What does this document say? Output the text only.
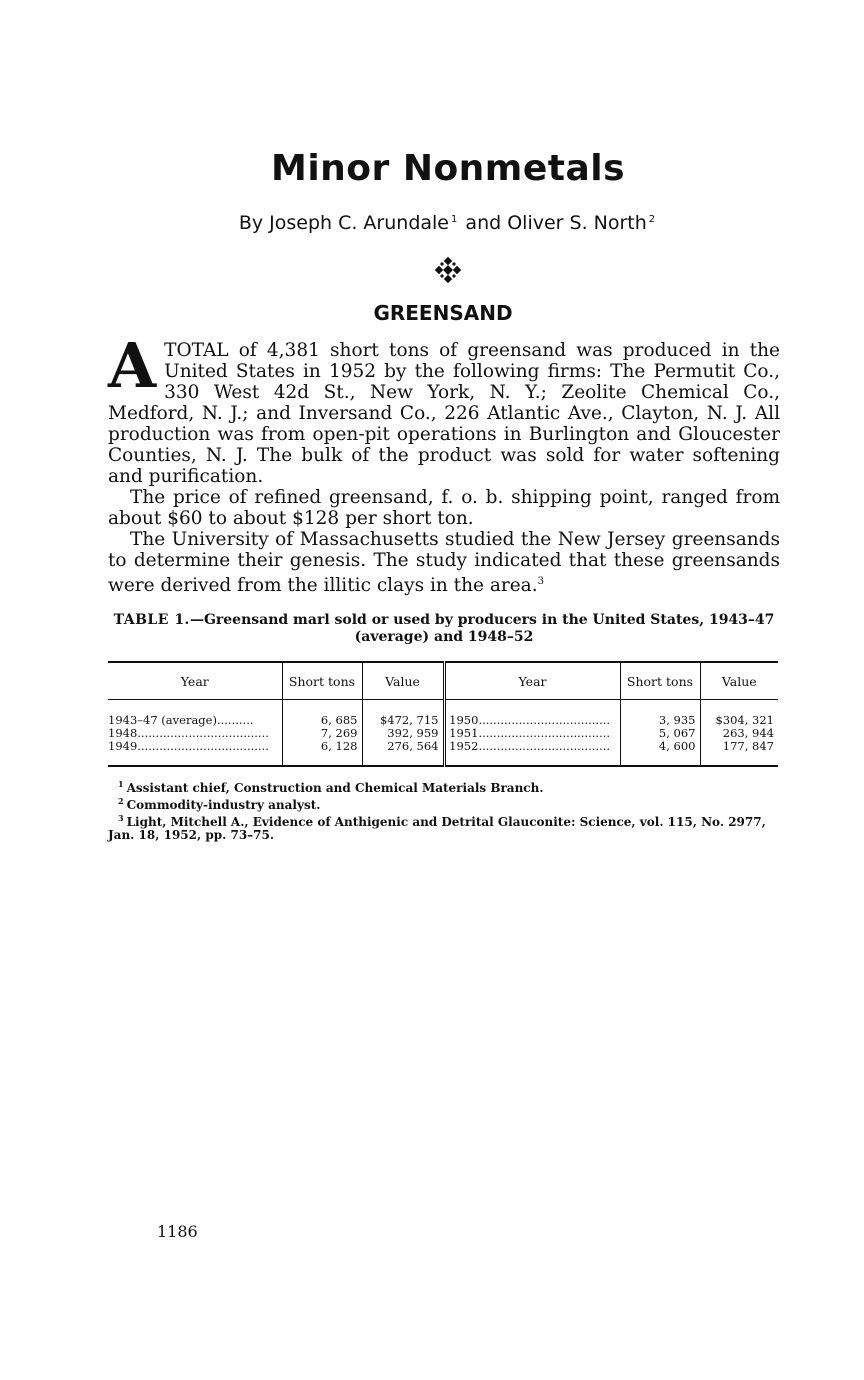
Minor Nonmetals
By Joseph C. Arundale $^1$ and Oliver S. North $^2$
GREENSAND

ATOTAL of 4,381 short tons of greensand was produced in the United States in 1952 by the following firms: The Permutit Co., 330 West 42d St., New York, N. Y.; Zeolite Chemical Co., Medford, N. J.; and Inversand Co., 226 Atlantic Ave., Clayton, N. J. All production was from open-pit operations in Burlington and Gloucester Counties, N. J. The bulk of the product was sold for water softening and purification.

The price of refined greensand, f. o. b. shipping point, ranged from about $60 to about $128 per short ton.

The University of Massachusetts studied the New Jersey greensands to determine their genesis. The study indicated that these greensands were derived from the illitic clays in the area.$^3$

TABLE 1.—Greensand marl sold or used by producers in the United States, 1943–47 (average) and 1948–52
Year	Short tons	Value	Year	Short tons	Value
1943–47 (average)..........	6, 685	$472, 715	1950....................................	3, 935	$304, 321
1948....................................	7, 269	392, 959	1951....................................	5, 067	263, 944
1949....................................	6, 128	276, 564	1952....................................	4, 600	177, 847

$^1$ Assistant chief, Construction and Chemical Materials Branch.

$^2$ Commodity-industry analyst.

$^3$ Light, Mitchell A., Evidence of Anthigenic and Detrital Glauconite: Science, vol. 115, No. 2977, Jan. 18, 1952, pp. 73–75.

1186
